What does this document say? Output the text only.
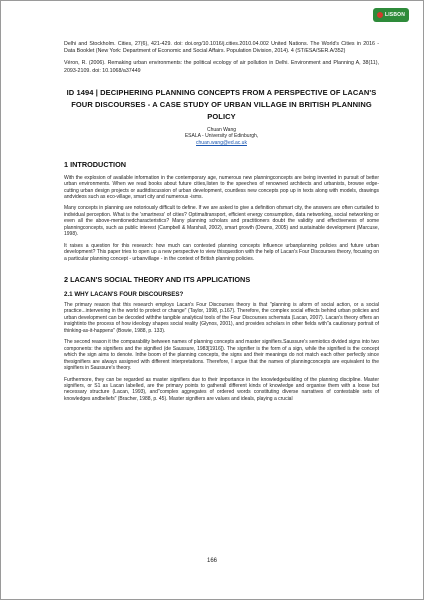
LISBON

Delhi and Stockholm. Cities, 27(6), 421-429. doi: doi.org/10.1016/j.cities.2010.04.002 United Nations. The World's Cities in 2016 - Data Booklet (New York: Department of Economic and Social Affairs. Population Division, 2014). 4 (ST/ESA/SER.A/352)

Véron, R. (2006). Remaking urban environments: the political ecology of air pollution in Delhi. Environment and Planning A, 38(11), 2093-2109. doi: 10.1068/a37449

ID 1494 | DECIPHERING PLANNING CONCEPTS FROM A PERSPECTIVE OF LACAN'S FOUR DISCOURSES - A CASE STUDY OF URBAN VILLAGE IN BRITISH PLANNING POLICY
Chuan Wang
ESALA - University of Edinburgh,
chuan.wang@ed.ac.uk
1 INTRODUCTION

With the explosion of available information in the contemporary age, numerous new planningconcepts are being invented in pursuit of better urban environments. When we read books about future cities,listen to the speeches of renowned architects and urbanists, browse edge-cutting urban design projects or auditdiscussion of urban development, countless new concepts pop up in texts along with models, drawings andvideos such as eco-village, smart city and numerous -isms.

Many concepts in planning are notoriously difficult to define. If we are asked to give a definition ofsmart city, the answers are often curtailed to individual perception. What is the 'smartness' of cities? Optimaltransport, efficient energy consumption, data networking, social networking or even all the above-mentionedcharacteristics? Many planning scholars and practitioners doubt the validity and effectiveness of some planningconcepts, such as public interest (Campbell & Marshall, 2002), smart growth (Downs, 2005) and sustainable development (Marcuse, 1998).

It raises a question for this research: how much can contested planning concepts influence urbanplanning policies and future urban development? This paper tries to open up a new perspective to view thisquestion with the help of Lacan's Four Discourses theory, focusing on a particular planning concept - urbanvillage - in the context of British planning policies.

2 LACAN'S SOCIAL THEORY AND ITS APPLICATIONS
2.1 WHY LACAN'S FOUR DISCOURSES?

The primary reason that this research employs Lacan's Four Discourses theory is that "planning is aform of social action, or a social practice...intervening in the world to protect or change" (Taylor, 1998, p.167). Therefore, the complex social effects behind urban policies and urban development can be decoded withthe tangible analytical tools of the Four Discourses schemata (Lacan, 2007). Lacan's theory offers an insightinto the process of how ideology shapes social reality (Glynos, 2001), and provides scholars in other fields with"a cautionary portrait of thinking-as-it-happens" (Bowie, 1988, p. 133).

The second reason it the comparability between names of planning concepts and master signifiers.Saussure's semiotics divided signs into two components: the signifiers and the signified (de Saussure, 1983[1916]). The signifier is the form of a sign, while the signified is the concept which the sign aims to denote. Inthe boom of the planning concepts, the signs and their meanings do not match each other perfectly since thesignifiers are always assigned with different interpretations. Therefore, I argue that the names of planningconcepts are equivalent to the signifiers in Saussure's theory.

Furthermore, they can be regarded as master signifiers due to their importance in the knowledgebuilding of the planning discipline. Master signifiers, or S1 as Lacan labelled, are the primary points to gatherall different kinds of knowledge and organise them with a loose but necessary structure (Lacan, 1993), and"complex aggregates of ordered words constituting diverse narratives of contestable sets of knowledges andbeliefs" (Bracher, 1988, p. 45). Master signifiers are values and ideals, playing a crucial

166
